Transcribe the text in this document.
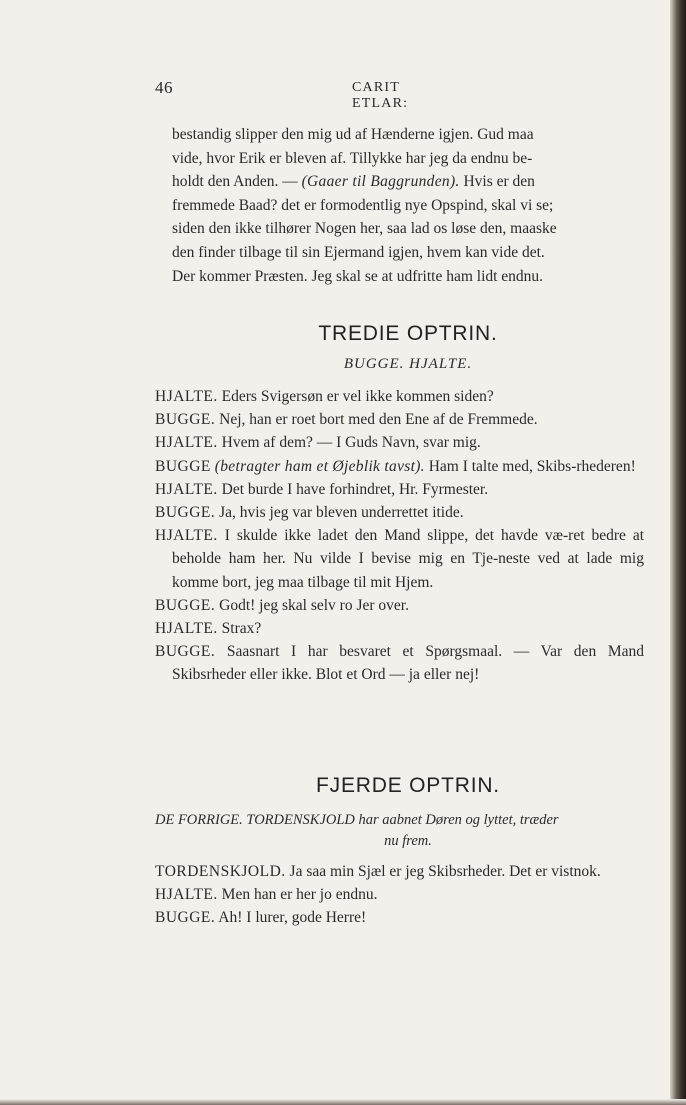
46	CARIT ETLAR:

bestandig slipper den mig ud af Hænderne igjen. Gud maa

vide, hvor Erik er bleven af. Tillykke har jeg da endnu be-

holdt den Anden. — (Gaaer til Baggrunden). Hvis er den

fremmede Baad? det er formodentlig nye Opspind, skal vi se;

siden den ikke tilhører Nogen her, saa lad os løse den, maaske

den finder tilbage til sin Ejermand igjen, hvem kan vide det.

Der kommer Præsten. Jeg skal se at udfritte ham lidt endnu.

TREDIE OPTRIN.
BUGGE. HJALTE.

HJALTE. Eders Svigersøn er vel ikke kommen siden?

BUGGE. Nej, han er roet bort med den Ene af de Fremmede.

HJALTE. Hvem af dem? — I Guds Navn, svar mig.

BUGGE (betragter ham et Øjeblik tavst). Ham I talte med, Skibs-rhederen!

HJALTE. Det burde I have forhindret, Hr. Fyrmester.

BUGGE. Ja, hvis jeg var bleven underrettet itide.

HJALTE. I skulde ikke ladet den Mand slippe, det havde væ-ret bedre at beholde ham her. Nu vilde I bevise mig en Tje-neste ved at lade mig komme bort, jeg maa tilbage til mit Hjem.

BUGGE. Godt! jeg skal selv ro Jer over.

HJALTE. Strax?

BUGGE. Saasnart I har besvaret et Spørgsmaal. — Var den Mand Skibsrheder eller ikke. Blot et Ord — ja eller nej!

FJERDE OPTRIN.
DE FORRIGE. TORDENSKJOLD har aabnet Døren og lyttet, træder
nu frem.

TORDENSKJOLD. Ja saa min Sjæl er jeg Skibsrheder. Det er vistnok.

HJALTE. Men han er her jo endnu.

BUGGE. Ah! I lurer, gode Herre!
